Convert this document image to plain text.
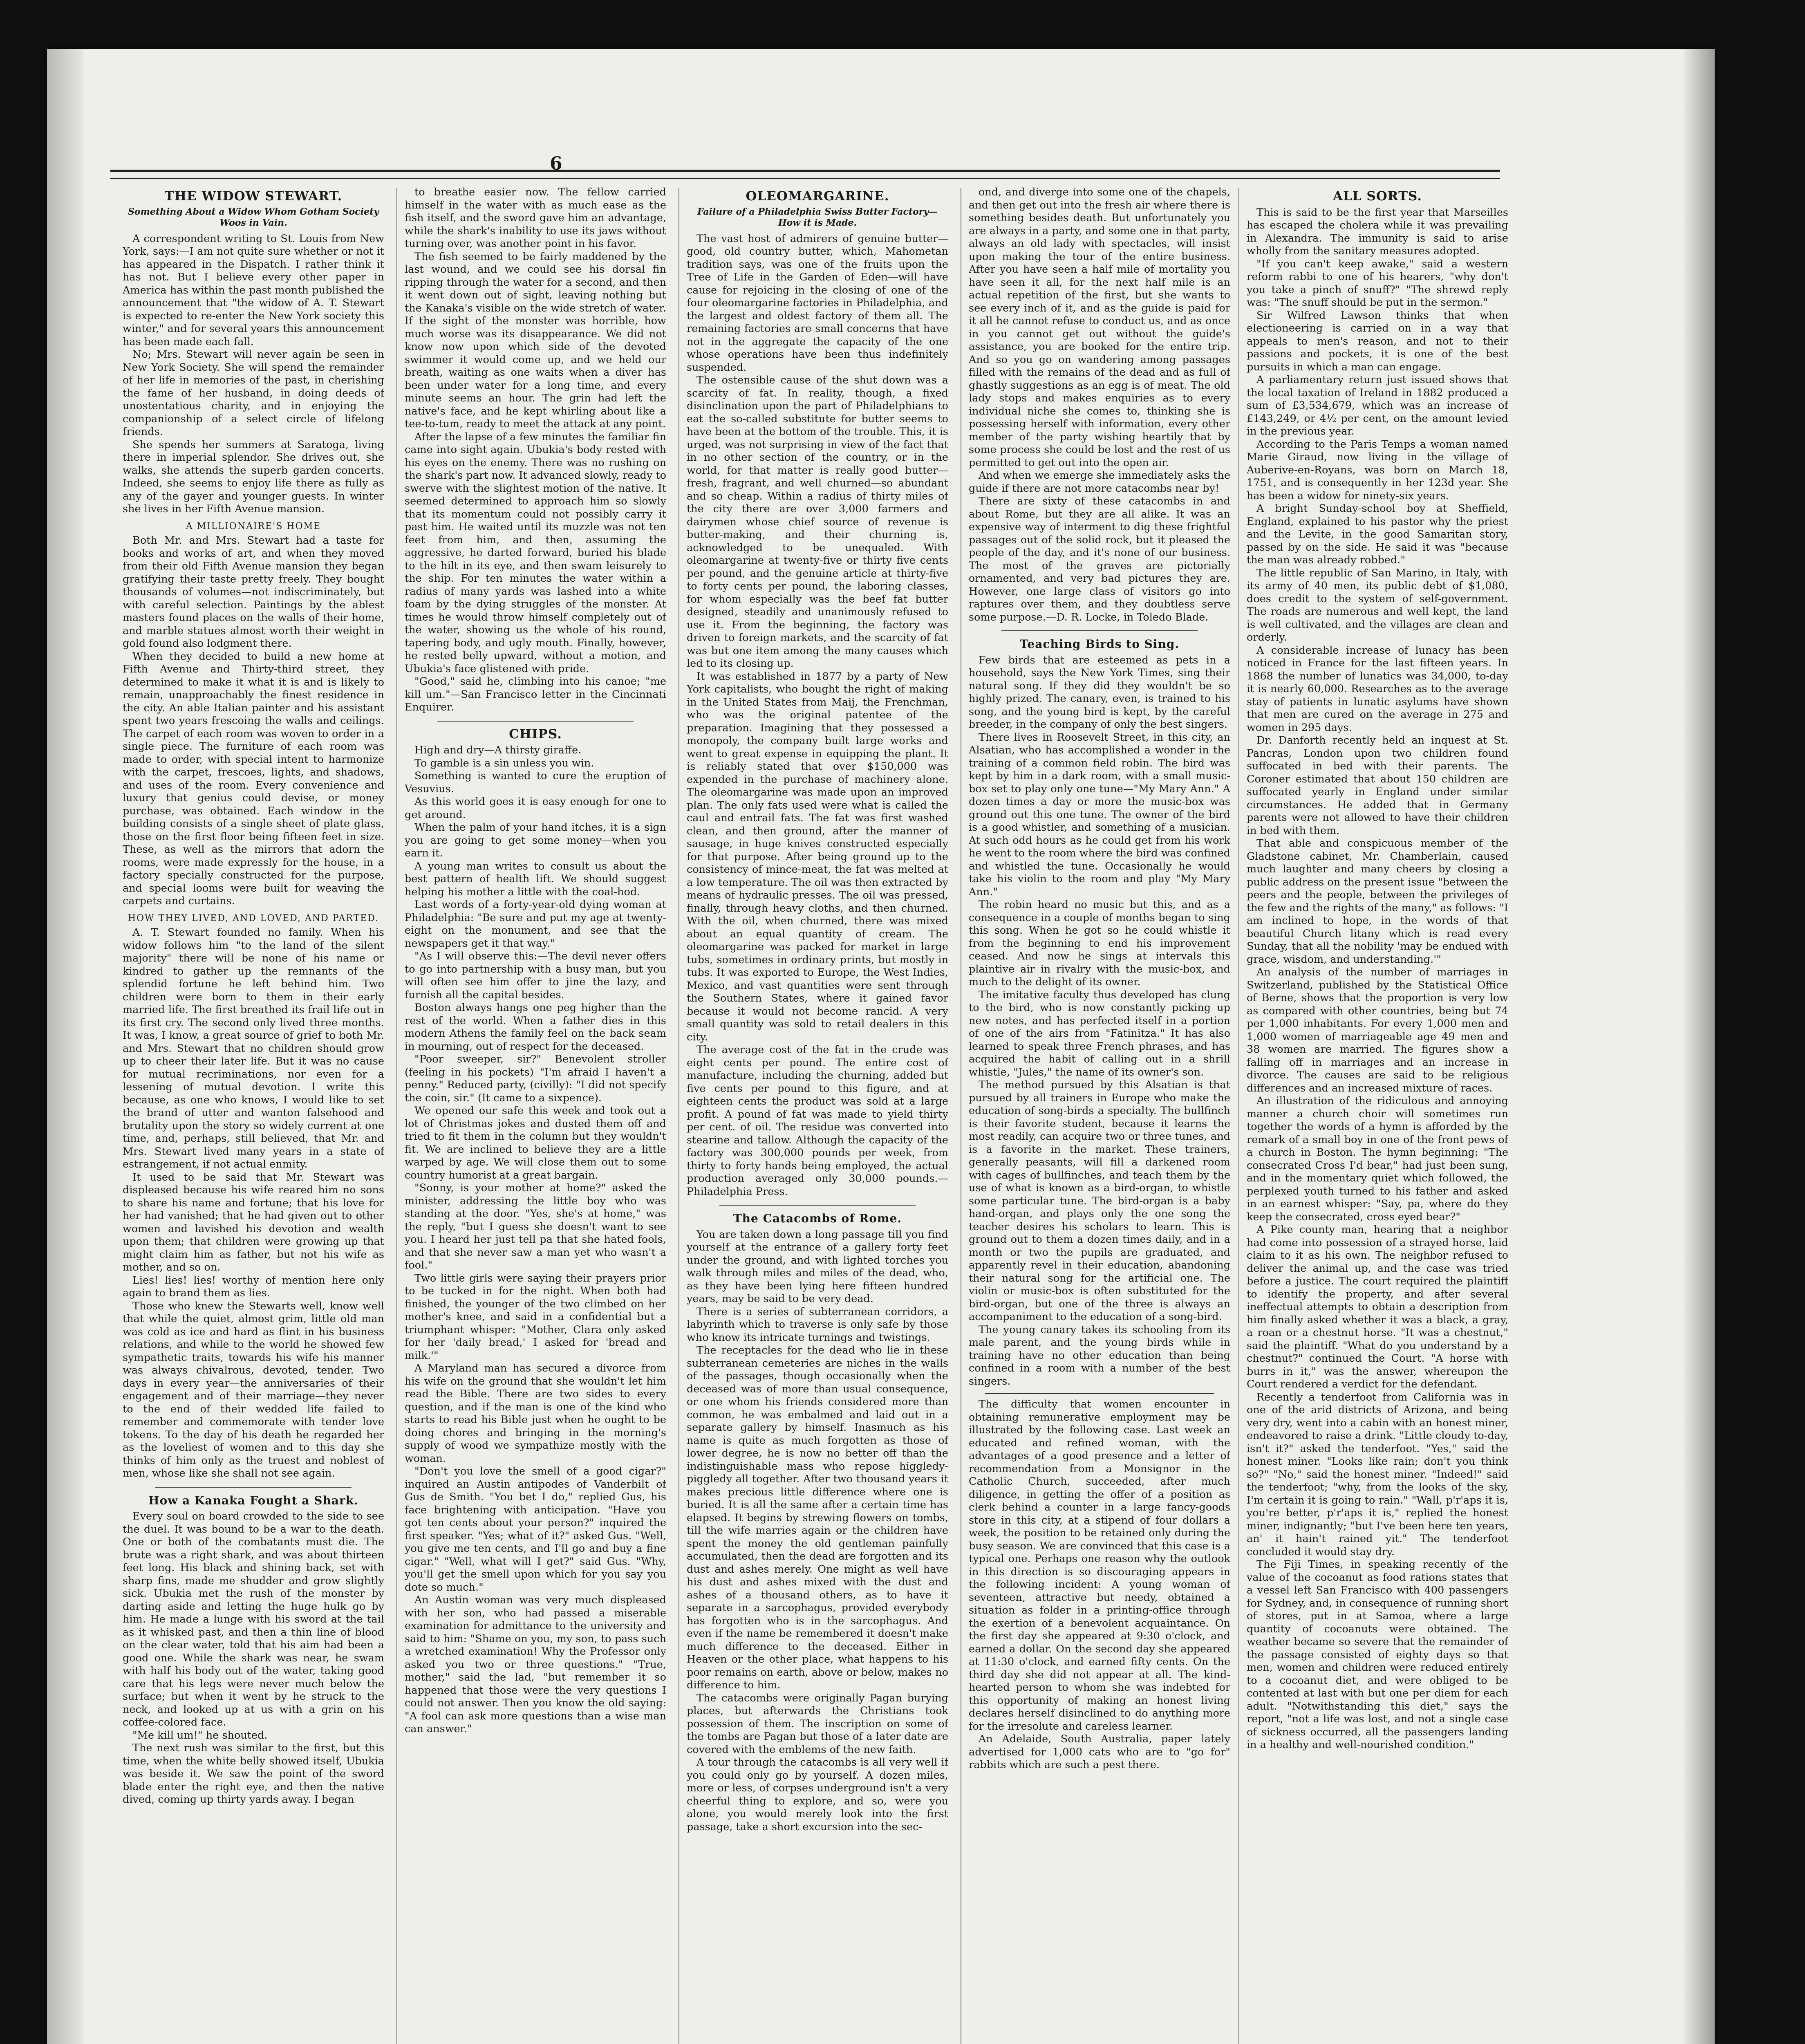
6
THE WIDOW STEWART.
Something About a Widow Whom Gotham Society Woos in Vain.

A correspondent writing to St. Louis from New York, says:—I am not quite sure whether or not it has appeared in the Dispatch. I rather think it has not. But I believe every other paper in America has within the past month published the announcement that "the widow of A. T. Stewart is expected to re-enter the New York society this winter," and for several years this announcement has been made each fall.

No; Mrs. Stewart will never again be seen in New York Society. She will spend the remainder of her life in memories of the past, in cherishing the fame of her husband, in doing deeds of unostentatious charity, and in enjoying the companionship of a select circle of lifelong friends.

She spends her summers at Saratoga, living there in imperial splendor. She drives out, she walks, she attends the superb garden concerts. Indeed, she seems to enjoy life there as fully as any of the gayer and younger guests. In winter she lives in her Fifth Avenue mansion.

A MILLIONAIRE'S HOME

Both Mr. and Mrs. Stewart had a taste for books and works of art, and when they moved from their old Fifth Avenue mansion they began gratifying their taste pretty freely. They bought thousands of volumes—not indiscriminately, but with careful selection. Paintings by the ablest masters found places on the walls of their home, and marble statues almost worth their weight in gold found also lodgment there.

When they decided to build a new home at Fifth Avenue and Thirty-third street, they determined to make it what it is and is likely to remain, unapproachably the finest residence in the city. An able Italian painter and his assistant spent two years frescoing the walls and ceilings. The carpet of each room was woven to order in a single piece. The furniture of each room was made to order, with special intent to harmonize with the carpet, frescoes, lights, and shadows, and uses of the room. Every convenience and luxury that genius could devise, or money purchase, was obtained. Each window in the building consists of a single sheet of plate glass, those on the first floor being fifteen feet in size. These, as well as the mirrors that adorn the rooms, were made expressly for the house, in a factory specially constructed for the purpose, and special looms were built for weaving the carpets and curtains.

HOW THEY LIVED, AND LOVED, AND PARTED.

A. T. Stewart founded no family. When his widow follows him "to the land of the silent majority" there will be none of his name or kindred to gather up the remnants of the splendid fortune he left behind him. Two children were born to them in their early married life. The first breathed its frail life out in its first cry. The second only lived three months. It was, I know, a great source of grief to both Mr. and Mrs. Stewart that no children should grow up to cheer their later life. But it was no cause for mutual recriminations, nor even for a lessening of mutual devotion. I write this because, as one who knows, I would like to set the brand of utter and wanton falsehood and brutality upon the story so widely current at one time, and, perhaps, still believed, that Mr. and Mrs. Stewart lived many years in a state of estrangement, if not actual enmity.

It used to be said that Mr. Stewart was displeased because his wife reared him no sons to share his name and fortune; that his love for her had vanished; that he had given out to other women and lavished his devotion and wealth upon them; that children were growing up that might claim him as father, but not his wife as mother, and so on.

Lies! lies! lies! worthy of mention here only again to brand them as lies.

Those who knew the Stewarts well, know well that while the quiet, almost grim, little old man was cold as ice and hard as flint in his business relations, and while to the world he showed few sympathetic traits, towards his wife his manner was always chivalrous, devoted, tender. Two days in every year—the anniversaries of their engagement and of their marriage—they never to the end of their wedded life failed to remember and commemorate with tender love tokens. To the day of his death he regarded her as the loveliest of women and to this day she thinks of him only as the truest and noblest of men, whose like she shall not see again.

How a Kanaka Fought a Shark.

Every soul on board crowded to the side to see the duel. It was bound to be a war to the death. One or both of the combatants must die. The brute was a right shark, and was about thirteen feet long. His black and shining back, set with sharp fins, made me shudder and grow slightly sick. Ubukia met the rush of the monster by darting aside and letting the huge hulk go by him. He made a lunge with his sword at the tail as it whisked past, and then a thin line of blood on the clear water, told that his aim had been a good one. While the shark was near, he swam with half his body out of the water, taking good care that his legs were never much below the surface; but when it went by he struck to the neck, and looked up at us with a grin on his coffee-colored face.

"Me kill um!" he shouted.

The next rush was similar to the first, but this time, when the white belly showed itself, Ubukia was beside it. We saw the point of the sword blade enter the right eye, and then the native dived, coming up thirty yards away. I began

to breathe easier now. The fellow carried himself in the water with as much ease as the fish itself, and the sword gave him an advantage, while the shark's inability to use its jaws without turning over, was another point in his favor.

The fish seemed to be fairly maddened by the last wound, and we could see his dorsal fin ripping through the water for a second, and then it went down out of sight, leaving nothing but the Kanaka's visible on the wide stretch of water. If the sight of the monster was horrible, how much worse was its disappearance. We did not know now upon which side of the devoted swimmer it would come up, and we held our breath, waiting as one waits when a diver has been under water for a long time, and every minute seems an hour. The grin had left the native's face, and he kept whirling about like a tee-to-tum, ready to meet the attack at any point.

After the lapse of a few minutes the familiar fin came into sight again. Ubukia's body rested with his eyes on the enemy. There was no rushing on the shark's part now. It advanced slowly, ready to swerve with the slightest motion of the native. It seemed determined to approach him so slowly that its momentum could not possibly carry it past him. He waited until its muzzle was not ten feet from him, and then, assuming the aggressive, he darted forward, buried his blade to the hilt in its eye, and then swam leisurely to the ship. For ten minutes the water within a radius of many yards was lashed into a white foam by the dying struggles of the monster. At times he would throw himself completely out of the water, showing us the whole of his round, tapering body, and ugly mouth. Finally, however, he rested belly upward, without a motion, and Ubukia's face glistened with pride.

"Good," said he, climbing into his canoe; "me kill um."—San Francisco letter in the Cincinnati Enquirer.

CHIPS.

High and dry—A thirsty giraffe.

To gamble is a sin unless you win.

Something is wanted to cure the eruption of Vesuvius.

As this world goes it is easy enough for one to get around.

When the palm of your hand itches, it is a sign you are going to get some money—when you earn it.

A young man writes to consult us about the best pattern of health lift. We should suggest helping his mother a little with the coal-hod.

Last words of a forty-year-old dying woman at Philadelphia: "Be sure and put my age at twenty-eight on the monument, and see that the newspapers get it that way."

"As I will observe this:—The devil never offers to go into partnership with a busy man, but you will often see him offer to jine the lazy, and furnish all the capital besides.

Boston always hangs one peg higher than the rest of the world. When a father dies in this modern Athens the family feel on the back seam in mourning, out of respect for the deceased.

"Poor sweeper, sir?" Benevolent stroller (feeling in his pockets) "I'm afraid I haven't a penny." Reduced party, (civilly): "I did not specify the coin, sir." (It came to a sixpence).

We opened our safe this week and took out a lot of Christmas jokes and dusted them off and tried to fit them in the column but they wouldn't fit. We are inclined to believe they are a little warped by age. We will close them out to some country humorist at a great bargain.

"Sonny, is your mother at home?" asked the minister, addressing the little boy who was standing at the door. "Yes, she's at home," was the reply, "but I guess she doesn't want to see you. I heard her just tell pa that she hated fools, and that she never saw a man yet who wasn't a fool."

Two little girls were saying their prayers prior to be tucked in for the night. When both had finished, the younger of the two climbed on her mother's knee, and said in a confidential but a triumphant whisper: "Mother, Clara only asked for her 'daily bread,' I asked for 'bread and milk.'"

A Maryland man has secured a divorce from his wife on the ground that she wouldn't let him read the Bible. There are two sides to every question, and if the man is one of the kind who starts to read his Bible just when he ought to be doing chores and bringing in the morning's supply of wood we sympathize mostly with the woman.

"Don't you love the smell of a good cigar?" inquired an Austin antipodes of Vanderbilt of Gus de Smith. "You bet I do," replied Gus, his face brightening with anticipation. "Have you got ten cents about your person?" inquired the first speaker. "Yes; what of it?" asked Gus. "Well, you give me ten cents, and I'll go and buy a fine cigar." "Well, what will I get?" said Gus. "Why, you'll get the smell upon which for you say you dote so much."

An Austin woman was very much displeased with her son, who had passed a miserable examination for admittance to the university and said to him: "Shame on you, my son, to pass such a wretched examination! Why the Professor only asked you two or three questions." "True, mother," said the lad, "but remember it so happened that those were the very questions I could not answer. Then you know the old saying: "A fool can ask more questions than a wise man can answer."

OLEOMARGARINE.
Failure of a Philadelphia Swiss Butter Factory—How it is Made.

The vast host of admirers of genuine butter—good, old country butter, which, Mahometan tradition says, was one of the fruits upon the Tree of Life in the Garden of Eden—will have cause for rejoicing in the closing of one of the four oleomargarine factories in Philadelphia, and the largest and oldest factory of them all. The remaining factories are small concerns that have not in the aggregate the capacity of the one whose operations have been thus indefinitely suspended.

The ostensible cause of the shut down was a scarcity of fat. In reality, though, a fixed disinclination upon the part of Philadelphians to eat the so-called substitute for butter seems to have been at the bottom of the trouble. This, it is urged, was not surprising in view of the fact that in no other section of the country, or in the world, for that matter is really good butter—fresh, fragrant, and well churned—so abundant and so cheap. Within a radius of thirty miles of the city there are over 3,000 farmers and dairymen whose chief source of revenue is butter-making, and their churning is, acknowledged to be unequaled. With oleomargarine at twenty-five or thirty five cents per pound, and the genuine article at thirty-five to forty cents per pound, the laboring classes, for whom especially was the beef fat butter designed, steadily and unanimously refused to use it. From the beginning, the factory was driven to foreign markets, and the scarcity of fat was but one item among the many causes which led to its closing up.

It was established in 1877 by a party of New York capitalists, who bought the right of making in the United States from Maij, the Frenchman, who was the original patentee of the preparation. Imagining that they possessed a monopoly, the company built large works and went to great expense in equipping the plant. It is reliably stated that over $150,000 was expended in the purchase of machinery alone. The oleomargarine was made upon an improved plan. The only fats used were what is called the caul and entrail fats. The fat was first washed clean, and then ground, after the manner of sausage, in huge knives constructed especially for that purpose. After being ground up to the consistency of mince-meat, the fat was melted at a low temperature. The oil was then extracted by means of hydraulic presses. The oil was pressed, finally, through heavy cloths, and then churned. With the oil, when churned, there was mixed about an equal quantity of cream. The oleomargarine was packed for market in large tubs, sometimes in ordinary prints, but mostly in tubs. It was exported to Europe, the West Indies, Mexico, and vast quantities were sent through the Southern States, where it gained favor because it would not become rancid. A very small quantity was sold to retail dealers in this city.

The average cost of the fat in the crude was eight cents per pound. The entire cost of manufacture, including the churning, added but five cents per pound to this figure, and at eighteen cents the product was sold at a large profit. A pound of fat was made to yield thirty per cent. of oil. The residue was converted into stearine and tallow. Although the capacity of the factory was 300,000 pounds per week, from thirty to forty hands being employed, the actual production averaged only 30,000 pounds.—Philadelphia Press.

The Catacombs of Rome.

You are taken down a long passage till you find yourself at the entrance of a gallery forty feet under the ground, and with lighted torches you walk through miles and miles of the dead, who, as they have been lying here fifteen hundred years, may be said to be very dead.

There is a series of subterranean corridors, a labyrinth which to traverse is only safe by those who know its intricate turnings and twistings.

The receptacles for the dead who lie in these subterranean cemeteries are niches in the walls of the passages, though occasionally when the deceased was of more than usual consequence, or one whom his friends considered more than common, he was embalmed and laid out in a separate gallery by himself. Inasmuch as his name is quite as much forgotten as those of lower degree, he is now no better off than the indistinguishable mass who repose higgledy-piggledy all together. After two thousand years it makes precious little difference where one is buried. It is all the same after a certain time has elapsed. It begins by strewing flowers on tombs, till the wife marries again or the children have spent the money the old gentleman painfully accumulated, then the dead are forgotten and its dust and ashes merely. One might as well have his dust and ashes mixed with the dust and ashes of a thousand others, as to have it separate in a sarcophagus, provided everybody has forgotten who is in the sarcophagus. And even if the name be remembered it doesn't make much difference to the deceased. Either in Heaven or the other place, what happens to his poor remains on earth, above or below, makes no difference to him.

The catacombs were originally Pagan burying places, but afterwards the Christians took possession of them. The inscription on some of the tombs are Pagan but those of a later date are covered with the emblems of the new faith.

A tour through the catacombs is all very well if you could only go by yourself. A dozen miles, more or less, of corpses underground isn't a very cheerful thing to explore, and so, were you alone, you would merely look into the first passage, take a short excursion into the sec-

ond, and diverge into some one of the chapels, and then get out into the fresh air where there is something besides death. But unfortunately you are always in a party, and some one in that party, always an old lady with spectacles, will insist upon making the tour of the entire business. After you have seen a half mile of mortality you have seen it all, for the next half mile is an actual repetition of the first, but she wants to see every inch of it, and as the guide is paid for it all he cannot refuse to conduct us, and as once in you cannot get out without the guide's assistance, you are booked for the entire trip. And so you go on wandering among passages filled with the remains of the dead and as full of ghastly suggestions as an egg is of meat. The old lady stops and makes enquiries as to every individual niche she comes to, thinking she is possessing herself with information, every other member of the party wishing heartily that by some process she could be lost and the rest of us permitted to get out into the open air.

And when we emerge she immediately asks the guide if there are not more catacombs near by!

There are sixty of these catacombs in and about Rome, but they are all alike. It was an expensive way of interment to dig these frightful passages out of the solid rock, but it pleased the people of the day, and it's none of our business. The most of the graves are pictorially ornamented, and very bad pictures they are. However, one large class of visitors go into raptures over them, and they doubtless serve some purpose.—D. R. Locke, in Toledo Blade.

Teaching Birds to Sing.

Few birds that are esteemed as pets in a household, says the New York Times, sing their natural song. If they did they wouldn't be so highly prized. The canary, even, is trained to his song, and the young bird is kept, by the careful breeder, in the company of only the best singers.

There lives in Roosevelt Street, in this city, an Alsatian, who has accomplished a wonder in the training of a common field robin. The bird was kept by him in a dark room, with a small music-box set to play only one tune—"My Mary Ann." A dozen times a day or more the music-box was ground out this one tune. The owner of the bird is a good whistler, and something of a musician. At such odd hours as he could get from his work he went to the room where the bird was confined and whistled the tune. Occasionally he would take his violin to the room and play "My Mary Ann."

The robin heard no music but this, and as a consequence in a couple of months began to sing this song. When he got so he could whistle it from the beginning to end his improvement ceased. And now he sings at intervals this plaintive air in rivalry with the music-box, and much to the delight of its owner.

The imitative faculty thus developed has clung to the bird, who is now constantly picking up new notes, and has perfected itself in a portion of one of the airs from "Fatinitza." It has also learned to speak three French phrases, and has acquired the habit of calling out in a shrill whistle, "Jules," the name of its owner's son.

The method pursued by this Alsatian is that pursued by all trainers in Europe who make the education of song-birds a specialty. The bullfinch is their favorite student, because it learns the most readily, can acquire two or three tunes, and is a favorite in the market. These trainers, generally peasants, will fill a darkened room with cages of bullfinches, and teach them by the use of what is known as a bird-organ, to whistle some particular tune. The bird-organ is a baby hand-organ, and plays only the one song the teacher desires his scholars to learn. This is ground out to them a dozen times daily, and in a month or two the pupils are graduated, and apparently revel in their education, abandoning their natural song for the artificial one. The violin or music-box is often substituted for the bird-organ, but one of the three is always an accompaniment to the education of a song-bird.

The young canary takes its schooling from its male parent, and the young birds while in training have no other education than being confined in a room with a number of the best singers.

The difficulty that women encounter in obtaining remunerative employment may be illustrated by the following case. Last week an educated and refined woman, with the advantages of a good presence and a letter of recommendation from a Monsignor in the Catholic Church, succeeded, after much diligence, in getting the offer of a position as clerk behind a counter in a large fancy-goods store in this city, at a stipend of four dollars a week, the position to be retained only during the busy season. We are convinced that this case is a typical one. Perhaps one reason why the outlook in this direction is so discouraging appears in the following incident: A young woman of seventeen, attractive but needy, obtained a situation as folder in a printing-office through the exertion of a benevolent acquaintance. On the first day she appeared at 9:30 o'clock, and earned a dollar. On the second day she appeared at 11:30 o'clock, and earned fifty cents. On the third day she did not appear at all. The kind-hearted person to whom she was indebted for this opportunity of making an honest living declares herself disinclined to do anything more for the irresolute and careless learner.

An Adelaide, South Australia, paper lately advertised for 1,000 cats who are to "go for" rabbits which are such a pest there.

ALL SORTS.

This is said to be the first year that Marseilles has escaped the cholera while it was prevailing in Alexandra. The immunity is said to arise wholly from the sanitary measures adopted.

"If you can't keep awake," said a western reform rabbi to one of his hearers, "why don't you take a pinch of snuff?" "The shrewd reply was: "The snuff should be put in the sermon."

Sir Wilfred Lawson thinks that when electioneering is carried on in a way that appeals to men's reason, and not to their passions and pockets, it is one of the best pursuits in which a man can engage.

A parliamentary return just issued shows that the local taxation of Ireland in 1882 produced a sum of £3,534,679, which was an increase of £143,249, or 4½ per cent, on the amount levied in the previous year.

According to the Paris Temps a woman named Marie Giraud, now living in the village of Auberive-en-Royans, was born on March 18, 1751, and is consequently in her 123d year. She has been a widow for ninety-six years.

A bright Sunday-school boy at Sheffield, England, explained to his pastor why the priest and the Levite, in the good Samaritan story, passed by on the side. He said it was "because the man was already robbed."

The little republic of San Marino, in Italy, with its army of 40 men, its public debt of $1,080, does credit to the system of self-government. The roads are numerous and well kept, the land is well cultivated, and the villages are clean and orderly.

A considerable increase of lunacy has been noticed in France for the last fifteen years. In 1868 the number of lunatics was 34,000, to-day it is nearly 60,000. Researches as to the average stay of patients in lunatic asylums have shown that men are cured on the average in 275 and women in 295 days.

Dr. Danforth recently held an inquest at St. Pancras, London upon two children found suffocated in bed with their parents. The Coroner estimated that about 150 children are suffocated yearly in England under similar circumstances. He added that in Germany parents were not allowed to have their children in bed with them.

That able and conspicuous member of the Gladstone cabinet, Mr. Chamberlain, caused much laughter and many cheers by closing a public address on the present issue "between the peers and the people, between the privileges of the few and the rights of the many," as follows: "I am inclined to hope, in the words of that beautiful Church litany which is read every Sunday, that all the nobility 'may be endued with grace, wisdom, and understanding.'"

An analysis of the number of marriages in Switzerland, published by the Statistical Office of Berne, shows that the proportion is very low as compared with other countries, being but 74 per 1,000 inhabitants. For every 1,000 men and 1,000 women of marriageable age 49 men and 38 women are married. The figures show a falling off in marriages and an increase in divorce. The causes are said to be religious differences and an increased mixture of races.

An illustration of the ridiculous and annoying manner a church choir will sometimes run together the words of a hymn is afforded by the remark of a small boy in one of the front pews of a church in Boston. The hymn beginning: "The consecrated Cross I'd bear," had just been sung, and in the momentary quiet which followed, the perplexed youth turned to his father and asked in an earnest whisper: "Say, pa, where do they keep the consecrated, cross eyed bear?"

A Pike county man, hearing that a neighbor had come into possession of a strayed horse, laid claim to it as his own. The neighbor refused to deliver the animal up, and the case was tried before a justice. The court required the plaintiff to identify the property, and after several ineffectual attempts to obtain a description from him finally asked whether it was a black, a gray, a roan or a chestnut horse. "It was a chestnut," said the plaintiff. "What do you understand by a chestnut?" continued the Court. "A horse with burrs in it," was the answer, whereupon the Court rendered a verdict for the defendant.

Recently a tenderfoot from California was in one of the arid districts of Arizona, and being very dry, went into a cabin with an honest miner, endeavored to raise a drink. "Little cloudy to-day, isn't it?" asked the tenderfoot. "Yes," said the honest miner. "Looks like rain; don't you think so?" "No," said the honest miner. "Indeed!" said the tenderfoot; "why, from the looks of the sky, I'm certain it is going to rain." "Wall, p'r'aps it is, you're better, p'r'aps it is," replied the honest miner, indignantly; "but I've been here ten years, an' it hain't rained yit." The tenderfoot concluded it would stay dry.

The Fiji Times, in speaking recently of the value of the cocoanut as food rations states that a vessel left San Francisco with 400 passengers for Sydney, and, in consequence of running short of stores, put in at Samoa, where a large quantity of cocoanuts were obtained. The weather became so severe that the remainder of the passage consisted of eighty days so that men, women and children were reduced entirely to a cocoanut diet, and were obliged to be contented at last with but one per diem for each adult. "Notwithstanding this diet," says the report, "not a life was lost, and not a single case of sickness occurred, all the passengers landing in a healthy and well-nourished condition."
